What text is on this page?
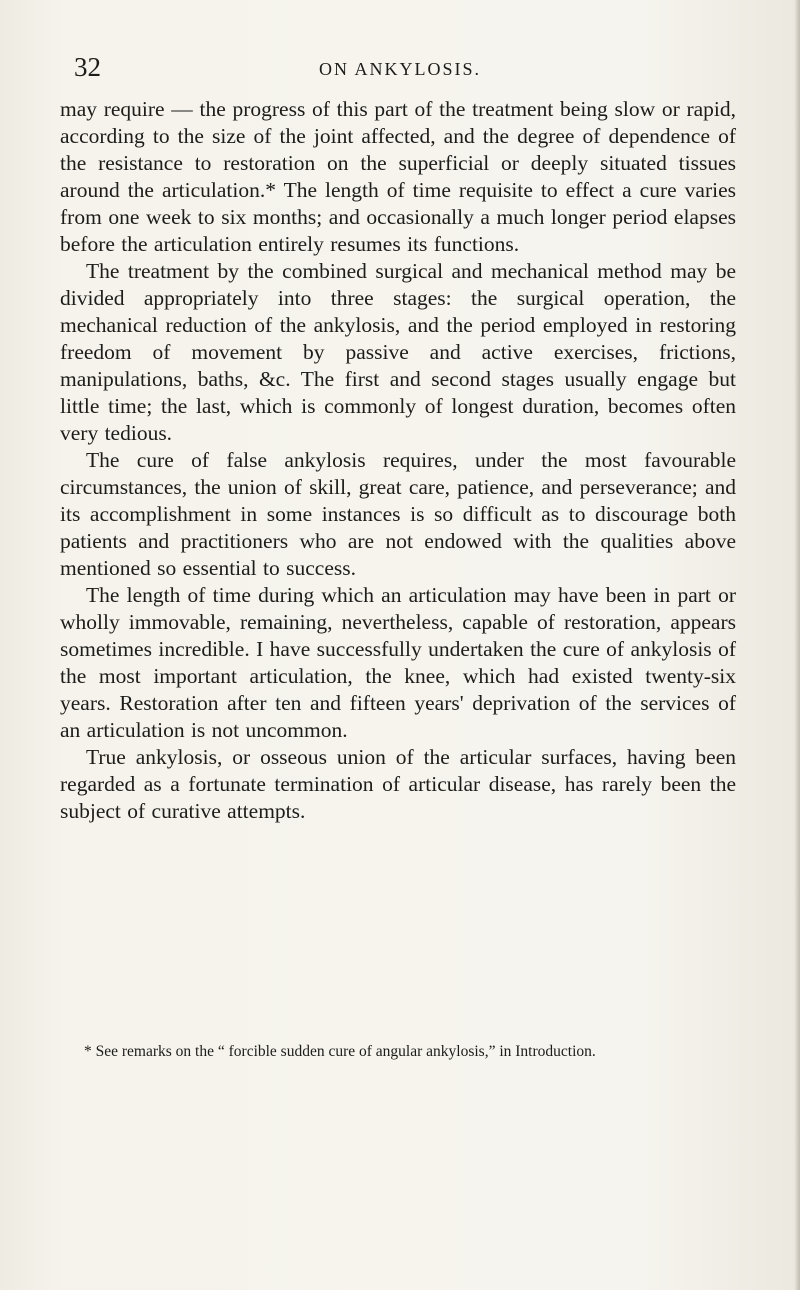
32	ON ANKYLOSIS.

may require — the progress of this part of the treatment being slow or rapid, according to the size of the joint affected, and the degree of dependence of the resistance to restoration on the superficial or deeply situated tissues around the articulation.* The length of time requisite to effect a cure varies from one week to six months; and occasionally a much longer period elapses before the articulation entirely resumes its functions.

The treatment by the combined surgical and mechanical method may be divided appropriately into three stages: the surgical operation, the mechanical reduction of the ankylosis, and the period employed in restoring freedom of movement by passive and active exercises, frictions, manipulations, baths, &c. The first and second stages usually engage but little time; the last, which is commonly of longest duration, becomes often very tedious.

The cure of false ankylosis requires, under the most favourable circumstances, the union of skill, great care, patience, and perseverance; and its accomplishment in some instances is so difficult as to discourage both patients and practitioners who are not endowed with the qualities above mentioned so essential to success.

The length of time during which an articulation may have been in part or wholly immovable, remaining, nevertheless, capable of restoration, appears sometimes incredible. I have successfully undertaken the cure of ankylosis of the most important articulation, the knee, which had existed twenty-six years. Restoration after ten and fifteen years' deprivation of the services of an articulation is not uncommon.

True ankylosis, or osseous union of the articular surfaces, having been regarded as a fortunate termination of articular disease, has rarely been the subject of curative attempts.

* See remarks on the “ forcible sudden cure of angular ankylosis,” in Introduction.
